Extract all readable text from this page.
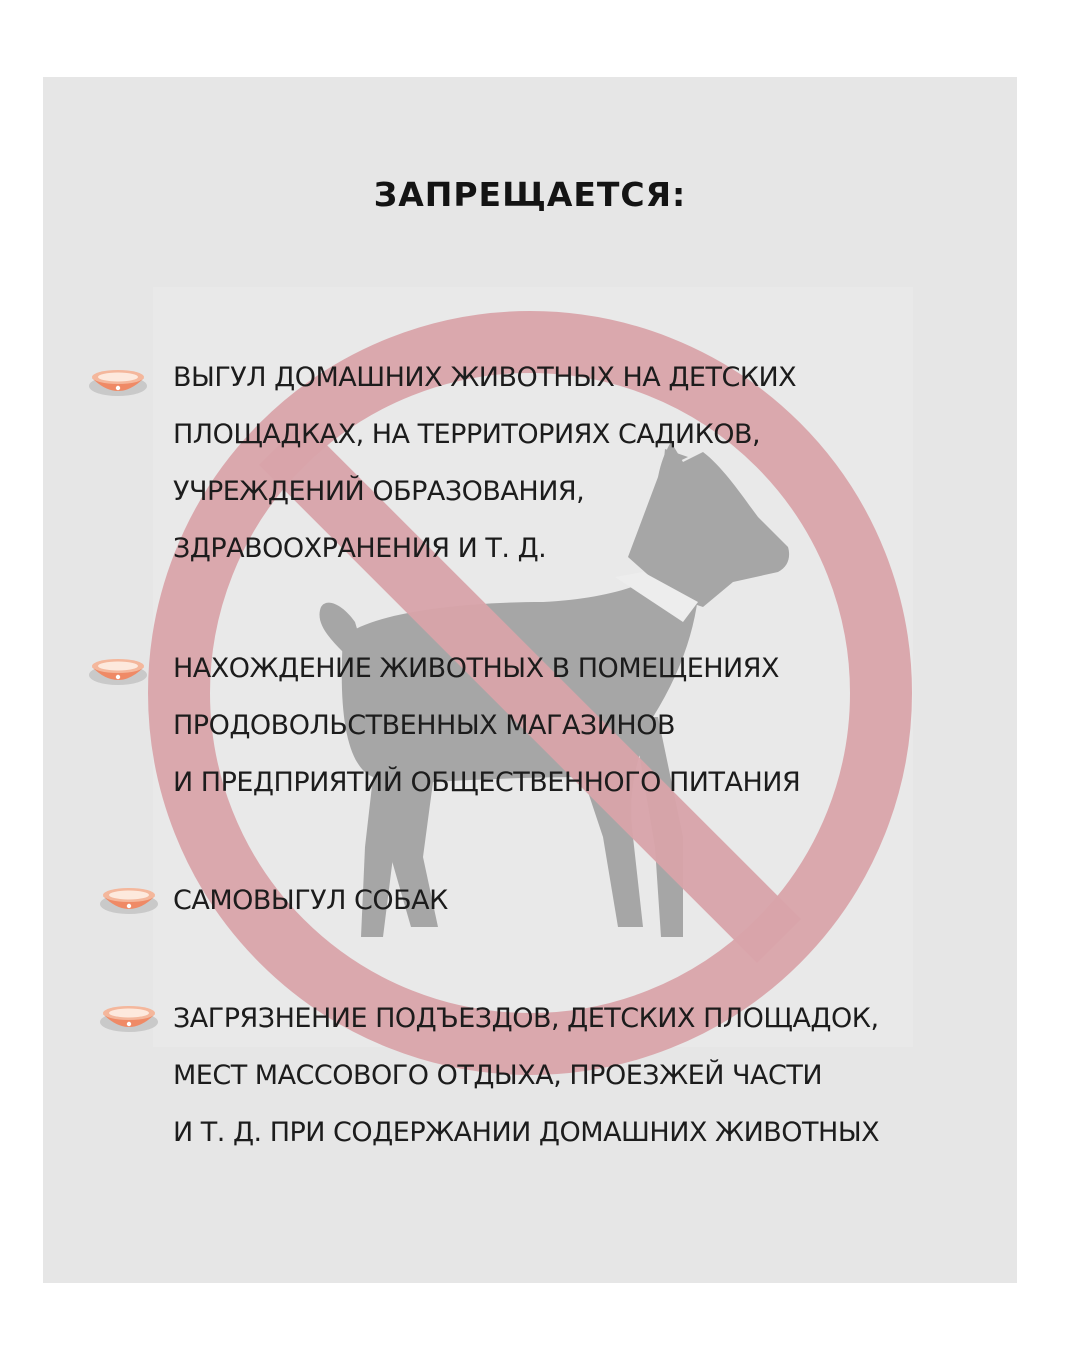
ЗАПРЕЩАЕТСЯ:
ВЫГУЛ ДОМАШНИХ ЖИВОТНЫХ НА ДЕТСКИХ
ПЛОЩАДКАХ, НА ТЕРРИТОРИЯХ САДИКОВ,
УЧРЕЖДЕНИЙ ОБРАЗОВАНИЯ,
ЗДРАВООХРАНЕНИЯ И Т. Д.
НАХОЖДЕНИЕ ЖИВОТНЫХ В ПОМЕЩЕНИЯХ
ПРОДОВОЛЬСТВЕННЫХ МАГАЗИНОВ
И ПРЕДПРИЯТИЙ ОБЩЕСТВЕННОГО ПИТАНИЯ
САМОВЫГУЛ СОБАК
ЗАГРЯЗНЕНИЕ ПОДЪЕЗДОВ, ДЕТСКИХ ПЛОЩАДОК,
МЕСТ МАССОВОГО ОТДЫХА, ПРОЕЗЖЕЙ ЧАСТИ
И Т. Д. ПРИ СОДЕРЖАНИИ ДОМАШНИХ ЖИВОТНЫХ
